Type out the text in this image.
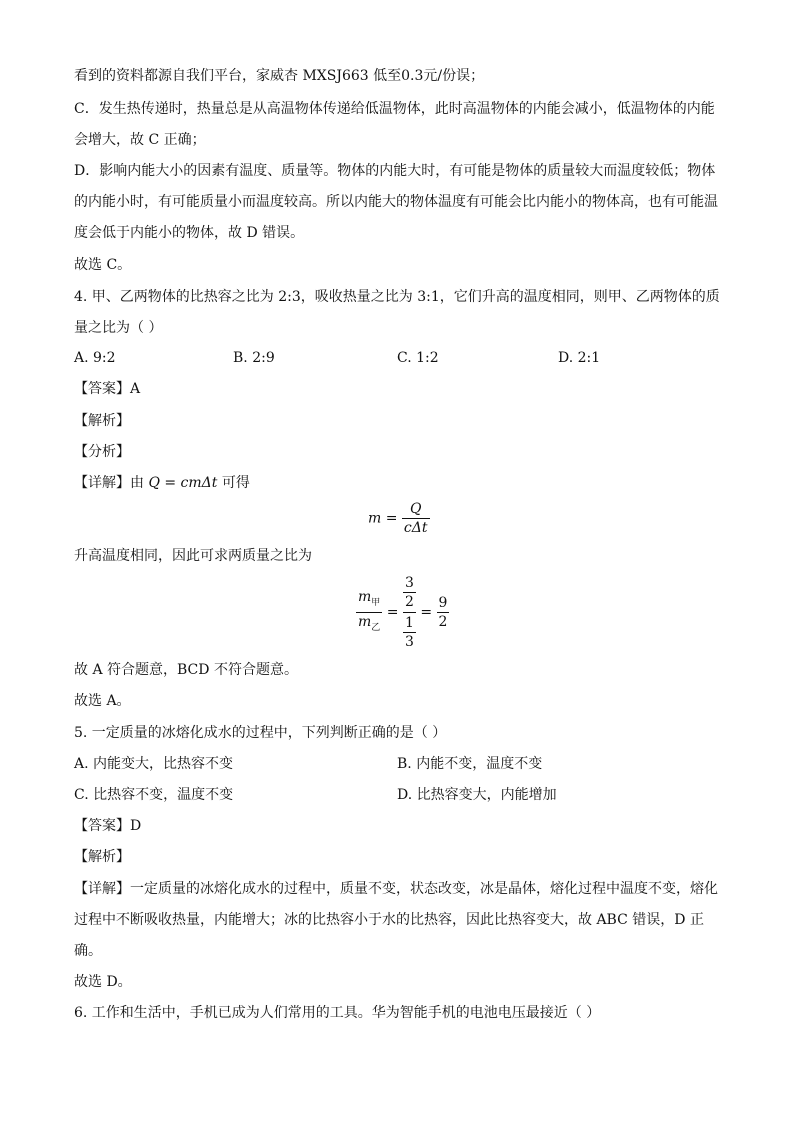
看到的资料都源自我们平台，家威杏 MXSJ663 低至0.3元/份误；
C．发生热传递时，热量总是从高温物体传递给低温物体，此时高温物体的内能会减小，低温物体的内能
会增大，故 C 正确；
D．影响内能大小的因素有温度、质量等。物体的内能大时，有可能是物体的质量较大而温度较低；物体
的内能小时，有可能质量小而温度较高。所以内能大的物体温度有可能会比内能小的物体高，也有可能温
度会低于内能小的物体，故 D 错误。
故选 C。
4. 甲、乙两物体的比热容之比为 2:3，吸收热量之比为 3:1，它们升高的温度相同，则甲、乙两物体的质
量之比为（ ）
A. 9:2	B. 2:9	C. 1:2	D. 2:1
【答案】A
【解析】
【分析】
【详解】由 Q = cmΔt 可得
$m = \frac{Q}{\text{cΔt}}$
升高温度相同，因此可求两质量之比为
$\frac{m_甲}{m_乙} = \frac{\frac{3}{2}}{\frac{1}{3}} = \frac{9}{2}$
故 A 符合题意，BCD 不符合题意。
故选 A。
5. 一定质量的冰熔化成水的过程中，下列判断正确的是（ ）
A. 内能变大，比热容不变	B. 内能不变，温度不变
C. 比热容不变，温度不变	D. 比热容变大，内能增加
【答案】D
【解析】
【详解】一定质量的冰熔化成水的过程中，质量不变，状态改变，冰是晶体，熔化过程中温度不变，熔化
过程中不断吸收热量，内能增大；冰的比热容小于水的比热容，因此比热容变大，故 ABC 错误，D 正
确。
故选 D。
6. 工作和生活中，手机已成为人们常用的工具。华为智能手机的电池电压最接近（ ）
